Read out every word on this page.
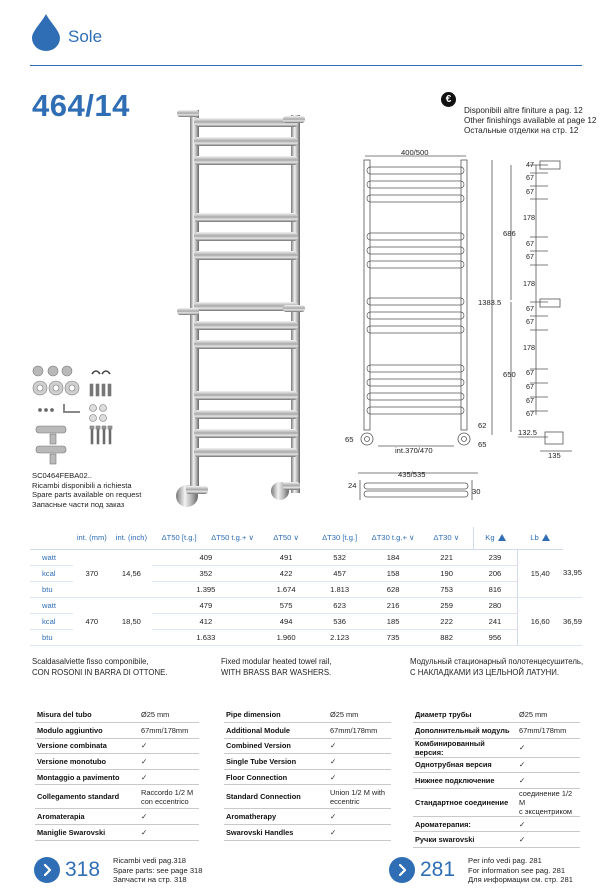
Sole
464/14	€
Disponibili altre finiture a pag. 12
Other finishings available at page 12
Остальные отделки на стр. 12
400/500
int.370/470
65
65
1383.5
686
650
47
67
67
178
67
67
178
67
67
178
67
67
67
67
62
132.5
135
435/535
24
30
SC0464FEBA02..
Ricambi disponibili a richiesta
Spare parts available on request
Запасные части под заказ
	int. (mm)	int. (inch)	ΔT50 [t.g.]	ΔT50 t.g.+ ∨	ΔT50 ∨	ΔT30 [t.g.]	ΔT30 t.g.+ ∨	ΔT30 ∨	Kg	Lb	
watt	370	14,56	409		491	532	184	221	239	15,40	33,95
kcal			352		422	457	158	190	206		
btu			1.395		1.674	1.813	628	753	816		
watt	470	18,50	479		575	623	216	259	280	16,60	36,59
kcal			412		494	536	185	222	241		
btu			1.633		1.960	2.123	735	882	956		
Scaldasalviette fisso componibile,
CON ROSONI IN BARRA DI OTTONE.
Fixed modular heated towel rail,
WITH BRASS BAR WASHERS.
Модульный стационарный полотенцесушитель,
С НАКЛАДКАМИ ИЗ ЦЕЛЬНОЙ ЛАТУНИ.
Misura del tubo	Ø25 mm
Modulo aggiuntivo	67mm/178mm
Versione combinata	✓
Versione monotubo	✓
Montaggio a pavimento	✓
Collegamento standard	Raccordo 1/2 M
con eccentrico

Aromaterapia	✓
Maniglie Swarovski	✓
Pipe dimension	Ø25 mm
Additional Module	67mm/178mm
Combined Version	✓
Single Tube Version	✓
Floor Connection	✓
Standard Connection	Union 1/2 M with
eccentric

Aromatherapy	✓
Swarovski Handles	✓
Диаметр трубы	Ø25 mm
Дополнительный модуль	67mm/178mm
Комбинированный версия:	✓
Однотрубная версия	✓
Нижнее подключение	✓
Стандартное соединение	соединение 1/2 M
с эксцентриком

Ароматерапия:	✓
Ручки swarovski	✓
318 Ricambi vedi pag.318
Spare parts: see page 318
Запчасти на стр. 318	281 Per info vedi pag. 281
For information see pag. 281
Для информации см. стр. 281
